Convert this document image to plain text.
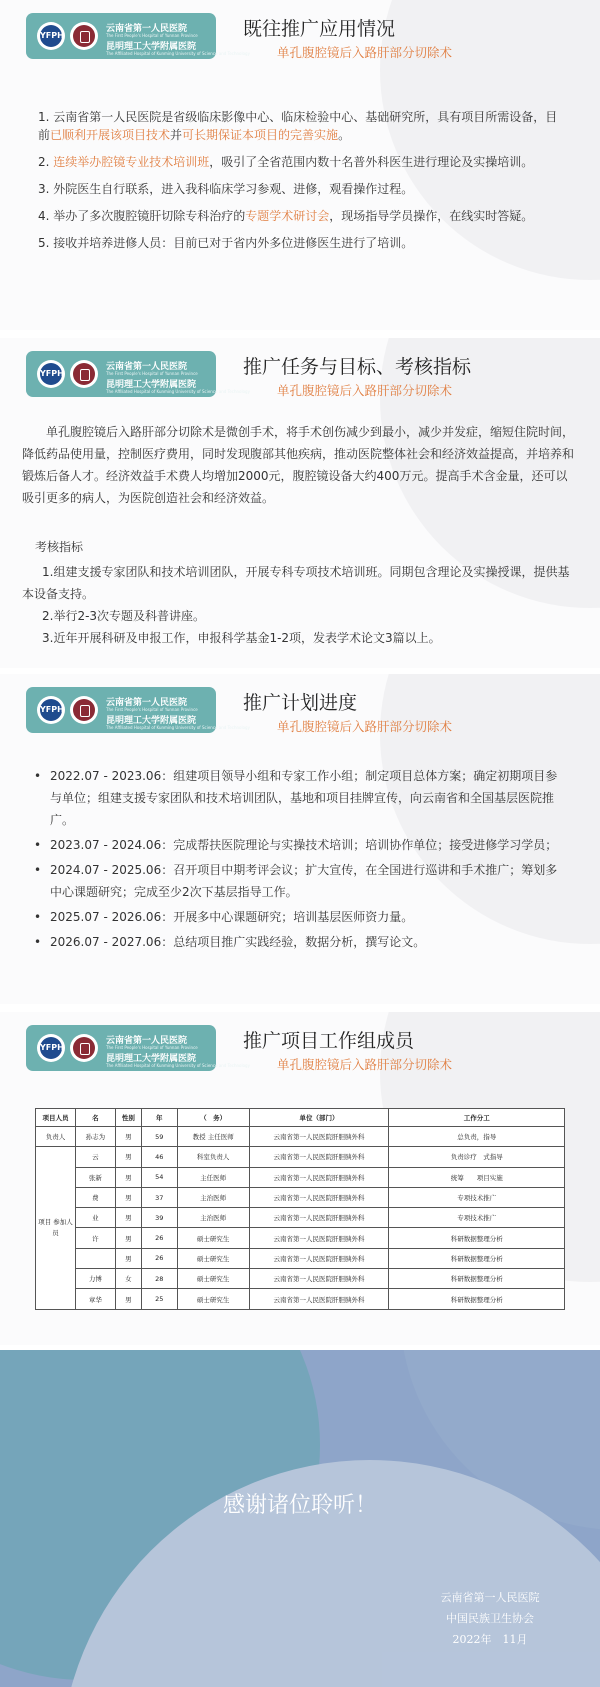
YFPH
云南省第一人民医院
The First People's Hospital of Yunnan Province
昆明理工大学附属医院
The Affiliated Hospital of Kunming University of Science and Technology
既往推广应用情况
单孔腹腔镜后入路肝部分切除术
1. 云南省第一人民医院是省级临床影像中心、临床检验中心、基础研究所，具有项目所需设备，目前已顺利开展该项目技术并可长期保证本项目的完善实施。
2. 连续举办腔镜专业技术培训班，吸引了全省范围内数十名普外科医生进行理论及实操培训。
3. 外院医生自行联系，进入我科临床学习参观、进修，观看操作过程。
4. 举办了多次腹腔镜肝切除专科治疗的专题学术研讨会，现场指导学员操作，在线实时答疑。
5. 接收并培养进修人员：目前已对于省内外多位进修医生进行了培训。
YFPH
云南省第一人民医院
The First People's Hospital of Yunnan Province
昆明理工大学附属医院
The Affiliated Hospital of Kunming University of Science and Technology
推广任务与目标、考核指标
单孔腹腔镜后入路肝部分切除术
单孔腹腔镜后入路肝部分切除术是微创手术，将手术创伤减少到最小，减少并发症，缩短住院时间，降低药品使用量，控制医疗费用，同时发现腹部其他疾病，推动医院整体社会和经济效益提高，并培养和锻炼后备人才。经济效益手术费人均增加2000元，腹腔镜设备大约400万元。提高手术含金量，还可以吸引更多的病人，为医院创造社会和经济效益。
考核指标
1.组建支援专家团队和技术培训团队，开展专科专项技术培训班。同期包含理论及实操授课，提供基本设备支持。
2.举行2-3次专题及科普讲座。
3.近年开展科研及申报工作，申报科学基金1-2项，发表学术论文3篇以上。
YFPH
云南省第一人民医院
The First People's Hospital of Yunnan Province
昆明理工大学附属医院
The Affiliated Hospital of Kunming University of Science and Technology
推广计划进度
单孔腹腔镜后入路肝部分切除术
• 2022.07 - 2023.06：组建项目领导小组和专家工作小组；制定项目总体方案；确定初期项目参与单位；组建支援专家团队和技术培训团队，基地和项目挂牌宣传，向云南省和全国基层医院推广。
• 2023.07 - 2024.06：完成帮扶医院理论与实操技术培训；培训协作单位；接受进修学习学员；
• 2024.07 - 2025.06：召开项目中期考评会议；扩大宣传，在全国进行巡讲和手术推广；筹划多中心课题研究；完成至少2次下基层指导工作。
• 2025.07 - 2026.06：开展多中心课题研究；培训基层医师资力量。
• 2026.07 - 2027.06：总结项目推广实践经验，数据分析，撰写论文。
YFPH
云南省第一人民医院
The First People's Hospital of Yunnan Province
昆明理工大学附属医院
The Affiliated Hospital of Kunming University of Science and Technology
推广项目工作组成员
单孔腹腔镜后入路肝部分切除术
项目人员	名	性别	年	（　务）	单位（部门）	工作分工
负责人	孙志为	男	59	教授 主任医师	云南省第一人民医院肝胆胰外科	总负责，指导
项目 参加人员	云	男	46	科室负责人	云南省第一人民医院肝胆胰外科	负责诊疗　式指导
	张新	男	54	主任医师	云南省第一人民医院肝胆胰外科	统筹　　项目实施
	费	男	37	主治医师	云南省第一人民医院肝胆胰外科	专项技术推广
	业	男	39	主治医师	云南省第一人民医院肝胆胰外科	专项技术推广
	许	男	26	硕士研究生	云南省第一人民医院肝胆胰外科	科研数据整理分析
		男	26	硕士研究生	云南省第一人民医院肝胆胰外科	科研数据整理分析
	力博	女	28	硕士研究生	云南省第一人民医院肝胆胰外科	科研数据整理分析
	章华	男	25	硕士研究生	云南省第一人民医院肝胆胰外科	科研数据整理分析
感谢诸位聆听！
云南省第一人民医院
中国民族卫生协会
2022年　11月
